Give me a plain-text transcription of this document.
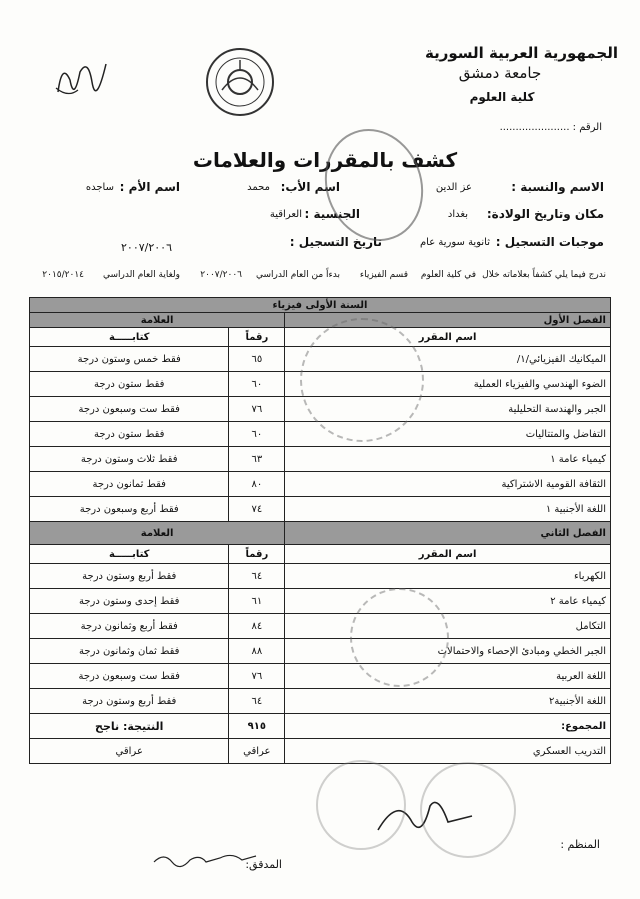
الجمهورية العربية السورية
جامعة دمشق
كلية العلوم
الرقم : ......................
كشف بالمقررات والعلامات
الاسم والنسبة :
عز الدين
اسم الأب:
محمد
اسم الأم :
ساجده
مكان وتاريخ الولادة:
بغداد
الجنسية :
العراقية
موجبات التسجيل :
ثانوية سورية عام
تاريخ التسجيل :
٢٠٠٧/٢٠٠٦
ندرج فيما يلي كشفاً بعلاماته خلال
في كلية العلوم
قسم الفيزياء
بدءاً من العام الدراسي
٢٠٠٧/٢٠٠٦
ولغاية العام الدراسي
٢٠١٥/٢٠١٤
السنة الأولى فيزياء		
الفصل الأول	العلامة	
اسم المقرر	رقماً	كتابـــــة
الميكانيك الفيزيائي/١/	٦٥	فقط خمس وستون درجة
الضوء الهندسي والفيزياء العملية	٦٠	فقط ستون درجة
الجبر والهندسة التحليلية	٧٦	فقط ست وسبعون درجة
التفاضل والمتتاليات	٦٠	فقط ستون درجة
كيمياء عامة ١	٦٣	فقط ثلاث وستون درجة
الثقافة القومية الاشتراكية	٨٠	فقط ثمانون درجة
اللغة الأجنبية ١	٧٤	فقط أربع وسبعون درجة
الفصل الثاني	العلامة	
اسم المقرر	رقماً	كتابـــــة
الكهرباء	٦٤	فقط أربع وستون درجة
كيمياء عامة ٢	٦١	فقط إحدى وستون درجة
التكامل	٨٤	فقط أربع وثمانون درجة
الجبر الخطي ومبادئ الإحصاء والاحتمالات	٨٨	فقط ثمان وثمانون درجة
اللغة العربية	٧٦	فقط ست وسبعون درجة
اللغة الأجنبية٢	٦٤	فقط أربع وستون درجة
المجموع:	٩١٥	النتيجة: ناجح
التدريب العسكري	عراقي	عراقي
المنظم :
المدقق:
